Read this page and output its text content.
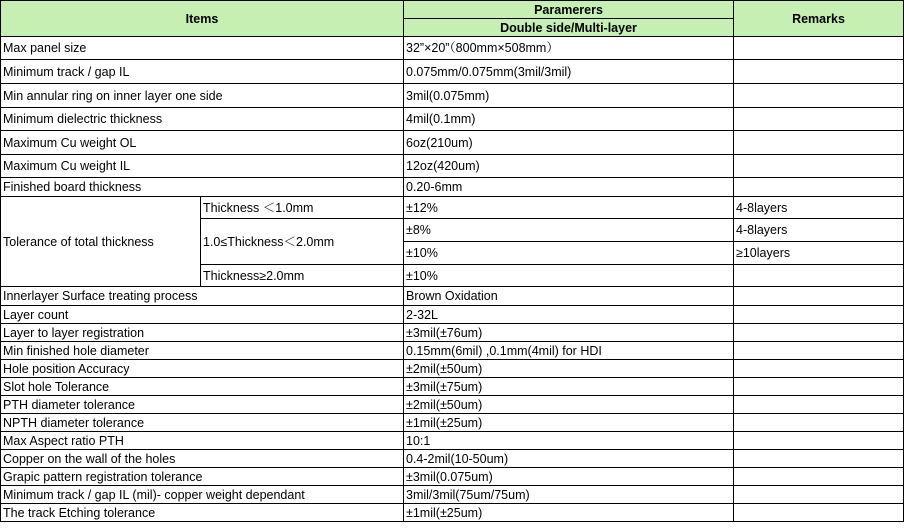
Items		Paramerers	Remarks
		Double side/Multi-layer	
Max panel size		32”×20”（800mm×508mm）	
Minimum track / gap IL		0.075mm/0.075mm(3mil/3mil)	
Min annular ring on inner layer one side		3mil(0.075mm)	
Minimum dielectric thickness		4mil(0.1mm)	
Maximum Cu weight OL		6oz(210um)	
Maximum Cu weight IL		12oz(420um)	
Finished board thickness		0.20-6mm	
Tolerance of total thickness	Thickness ＜1.0mm	±12%	4-8layers
	1.0≤Thickness＜2.0mm	±8%	4-8layers
		±10%	≥10layers
	Thickness≥2.0mm	±10%	
Innerlayer Surface treating process		Brown Oxidation	
Layer count		2-32L	
Layer to layer registration		±3mil(±76um)	
Min finished hole diameter		0.15mm(6mil) ,0.1mm(4mil) for HDI	
Hole position Accuracy		±2mil(±50um)	
Slot hole Tolerance		±3mil(±75um)	
PTH diameter tolerance		±2mil(±50um)	
NPTH diameter tolerance		±1mil(±25um)	
Max Aspect ratio PTH		10:1	
Copper on the wall of the holes		0.4-2mil(10-50um)	
Grapic pattern registration tolerance		±3mil(0.075um)	
Minimum track / gap IL (mil)- copper weight dependant		3mil/3mil(75um/75um)	
The track Etching tolerance		±1mil(±25um)	
